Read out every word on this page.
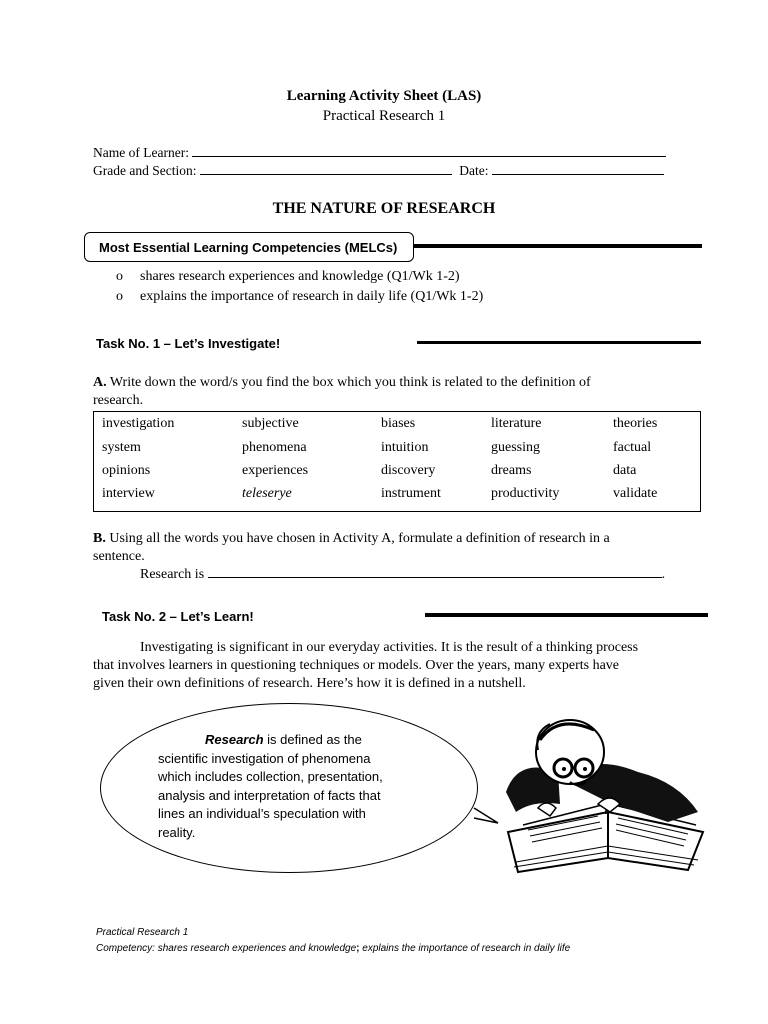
Learning Activity Sheet (LAS)
Practical Research 1
Name of Learner:
Grade and Section:	Date:
THE NATURE OF RESEARCH
Most Essential Learning Competencies (MELCs)
o shares research experiences and knowledge (Q1/Wk 1-2)
o explains the importance of research in daily life (Q1/Wk 1-2)
Task No. 1 – Let’s Investigate!
A. Write down the word/s you find the box which you think is related to the definition of
research.
investigation	subjective	biases	literature	theories
system	phenomena	intuition	guessing	factual
opinions	experiences	discovery	dreams	data
interview	teleserye	instrument	productivity	validate
B. Using all the words you have chosen in Activity A, formulate a definition of research in a
sentence.
Research is	.
Task No. 2 – Let’s Learn!
Investigating is significant in our everyday activities. It is the result of a thinking process
that involves learners in questioning techniques or models. Over the years, many experts have
given their own definitions of research. Here’s how it is defined in a nutshell.
Research is defined as the
scientific investigation of phenomena
which includes collection, presentation,
analysis and interpretation of facts that
lines an individual’s speculation with
reality.
Practical Research 1
Competency: shares research experiences and knowledge; explains the importance of research in daily life
